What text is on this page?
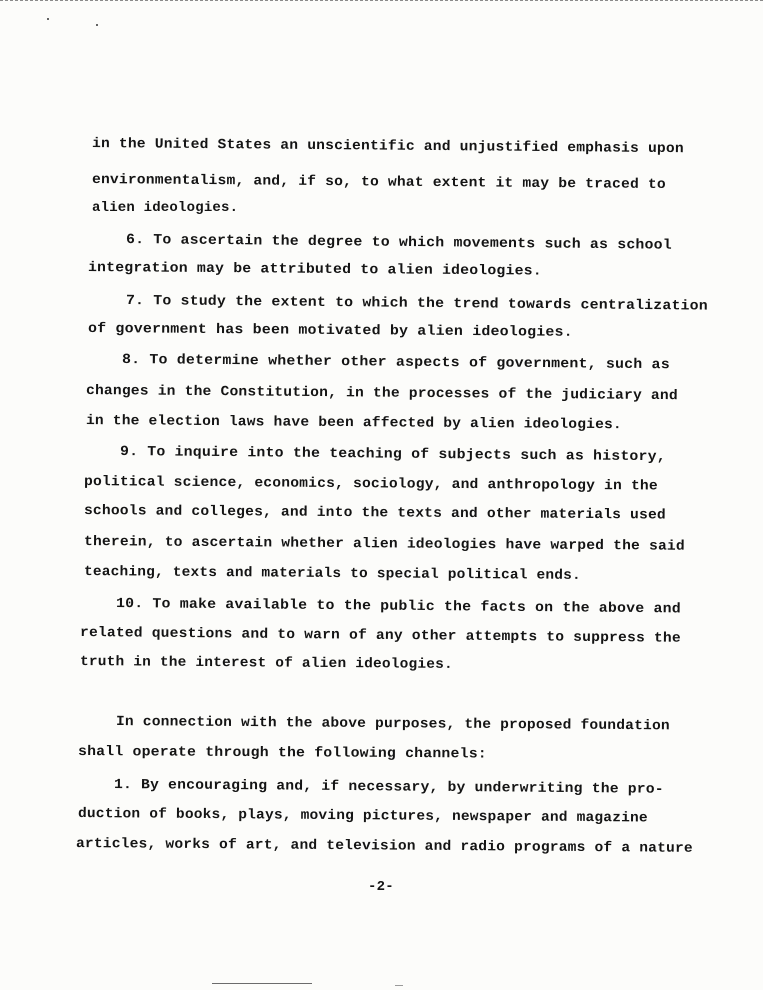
in the United States an unscientific and unjustified emphasis upon
environmentalism, and, if so, to what extent it may be traced to
alien ideologies.
6. To ascertain the degree to which movements such as school
integration may be attributed to alien ideologies.
7. To study the extent to which the trend towards centralization
of government has been motivated by alien ideologies.
8. To determine whether other aspects of government, such as
changes in the Constitution, in the processes of the judiciary and
in the election laws have been affected by alien ideologies.
9. To inquire into the teaching of subjects such as history,
political science, economics, sociology, and anthropology in the
schools and colleges, and into the texts and other materials used
therein, to ascertain whether alien ideologies have warped the said
teaching, texts and materials to special political ends.
10. To make available to the public the facts on the above and
related questions and to warn of any other attempts to suppress the
truth in the interest of alien ideologies.
In connection with the above purposes, the proposed foundation
shall operate through the following channels:
1. By encouraging and, if necessary, by underwriting the pro-
duction of books, plays, moving pictures, newspaper and magazine
articles, works of art, and television and radio programs of a nature
-2-
